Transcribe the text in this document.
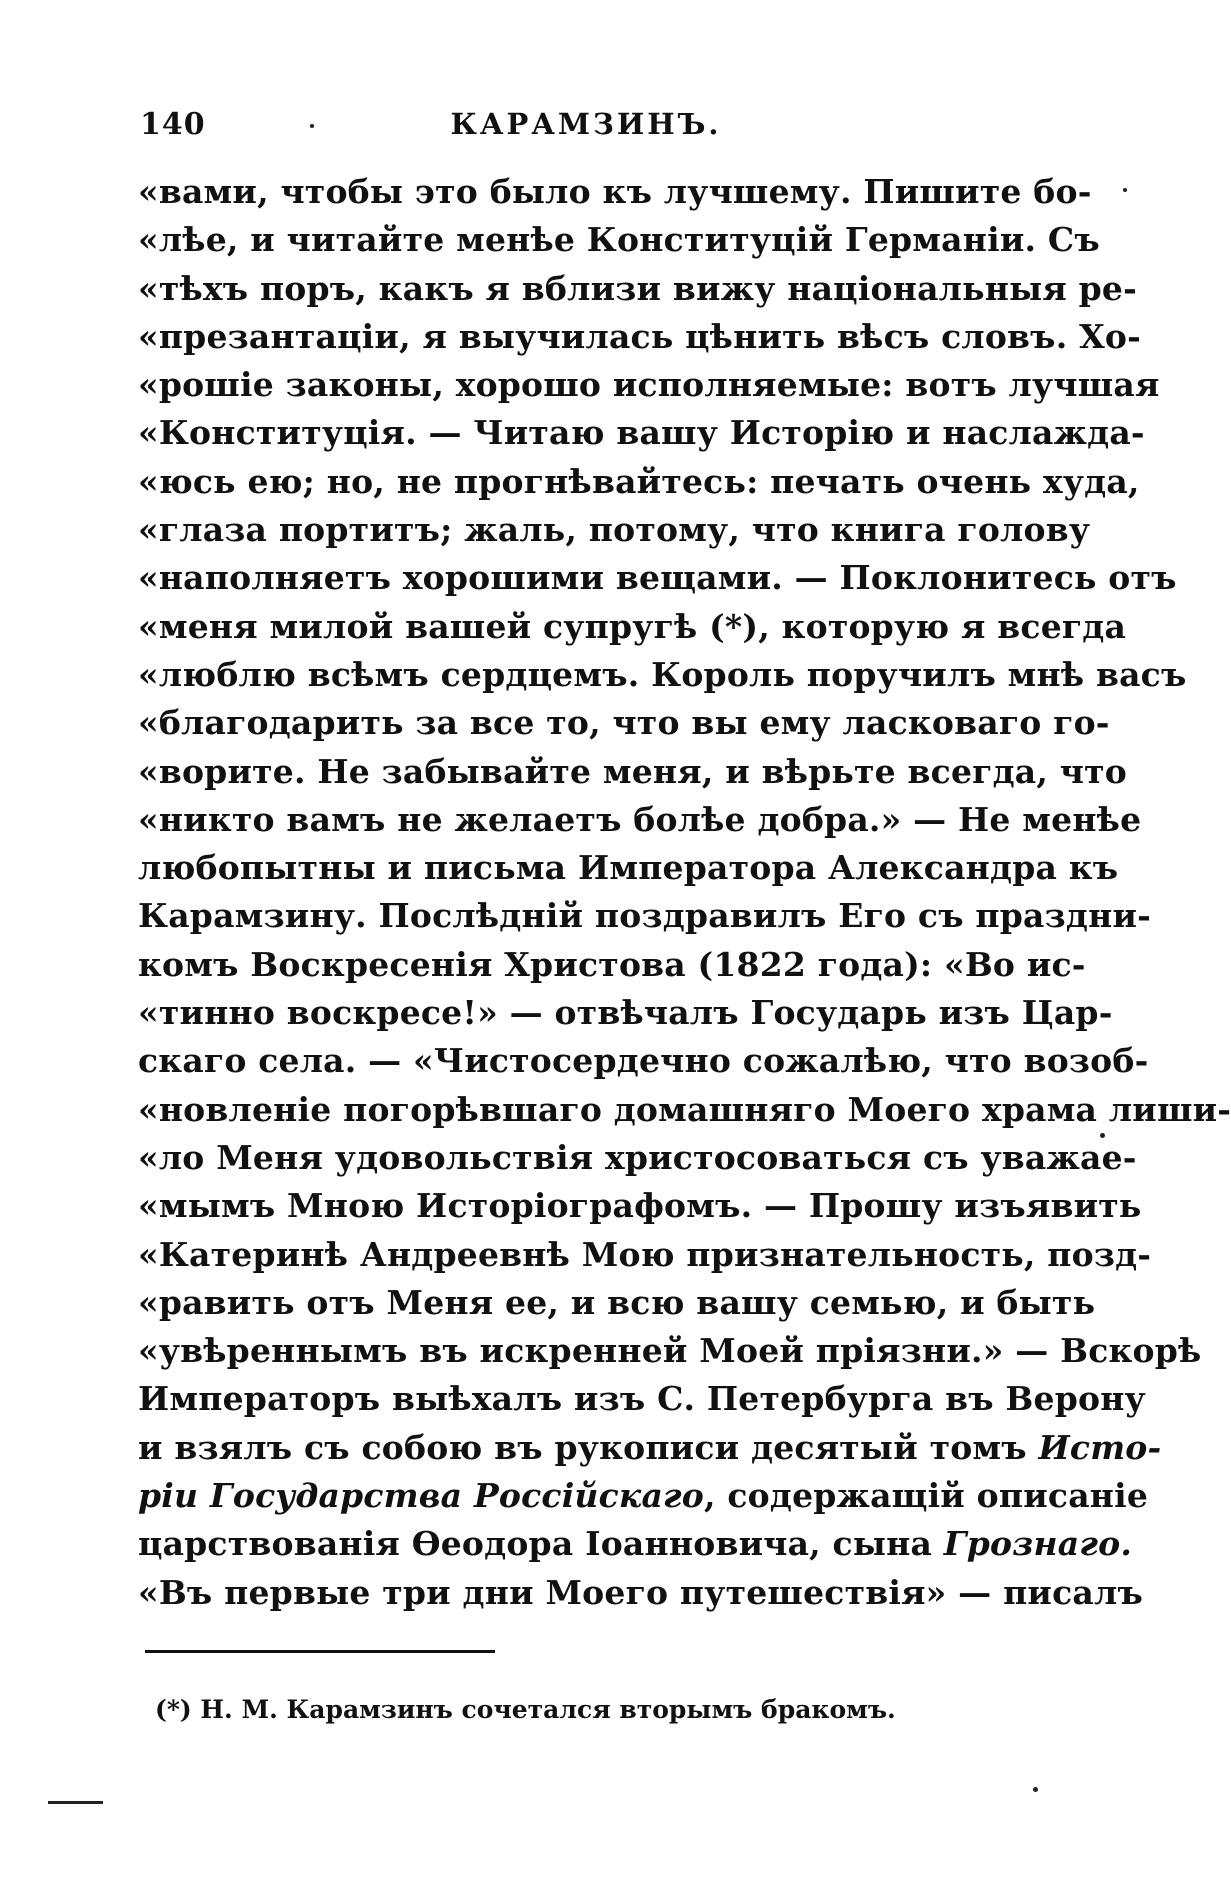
140	КАРАМЗИНЪ.
«вами, чтобы это было къ лучшему. Пишите бо-
«лѣе, и читайте менѣе Конституцій Германіи. Съ
«тѣхъ поръ, какъ я вблизи вижу національныя ре-
«презантаціи, я выучилась цѣнить вѣсъ словъ. Хо-
«рошіе законы, хорошо исполняемые: вотъ лучшая
«Конституція. — Читаю вашу Исторію и наслажда-
«юсь ею; но, не прогнѣвайтесь: печать очень худа,
«глаза портитъ; жаль, потому, что книга голову
«наполняетъ хорошими вещами. — Поклонитесь отъ
«меня милой вашей супругѣ (*), которую я всегда
«люблю всѣмъ сердцемъ. Король поручилъ мнѣ васъ
«благодарить за все то, что вы ему ласковаго го-
«ворите. Не забывайте меня, и вѣрьте всегда, что
«никто вамъ не желаетъ болѣе добра.» — Не менѣе
любопытны и письма Императора Александра къ
Карамзину. Послѣдній поздравилъ Его съ праздни-
комъ Воскресенія Христова (1822 года): «Во ис-
«тинно воскресе!» — отвѣчалъ Государь изъ Цар-
скаго села. — «Чистосердечно сожалѣю, что возоб-
«новленіе погорѣвшаго домашняго Моего храма лиши-
«ло Меня удовольствія христосоваться съ уважае-
«мымъ Мною Исторіографомъ. — Прошу изъявить
«Катеринѣ Андреевнѣ Мою признательность, позд-
«равить отъ Меня ее, и всю вашу семью, и быть
«увѣреннымъ въ искренней Моей пріязни.» — Вскорѣ
Императоръ выѣхалъ изъ С. Петербурга въ Верону
и взялъ съ собою въ рукописи десятый томъ Исто-
ріи Государства Россійскаго, содержащій описаніе
царствованія Ѳеодора Іоанновича, сына Грознаго.
«Въ первые три дни Моего путешествія» — писалъ
(*) Н. М. Карамзинъ сочетался вторымъ бракомъ.
